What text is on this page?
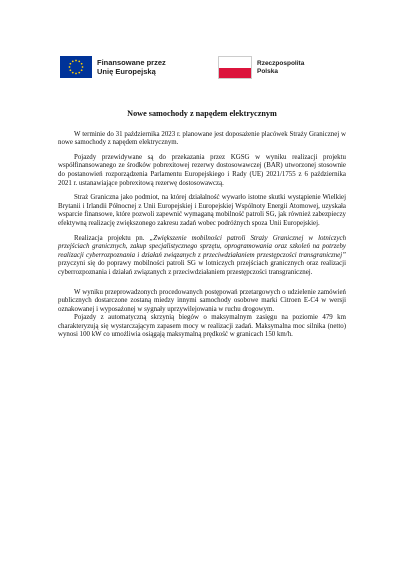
Finansowane przez
Unię Europejską
Rzeczpospolita
Polska
Nowe samochody z napędem elektrycznym

W terminie do 31 października 2023 r. planowane jest doposażenie placówek Straży Granicznej w nowe samochody z napędem elektrycznym.

Pojazdy przewidywane są do przekazania przez KGSG w wyniku realizacji projektu współfinansowanego ze środków pobrexitowej rezerwy dostosowawczej (BAR) utworzonej stosownie do postanowień rozporządzenia Parlamentu Europejskiego i Rady (UE) 2021/1755 z 6 października 2021 r. ustanawiające pobrexitową rezerwę dostosowawczą.

Straż Graniczna jako podmiot, na której działalność wywarło istotne skutki wystąpienie Wielkiej Brytanii i Irlandii Północnej z Unii Europejskiej i Europejskiej Wspólnoty Energii Atomowej, uzyskała wsparcie finansowe, które pozwoli zapewnić wymaganą mobilność patroli SG, jak również zabezpieczy efektywną realizację zwiększonego zakresu zadań wobec podróżnych spoza Unii Europejskiej.

Realizacja projektu pn. „Zwiększenie mobilności patroli Straży Granicznej w lotniczych przejściach granicznych, zakup specjalistycznego sprzętu, oprogramowania oraz szkoleń na potrzeby realizacji cyberrozpoznania i działań związanych z przeciwdziałaniem przestępczości transgranicznej” przyczyni się do poprawy mobilności patroli SG w lotniczych przejściach granicznych oraz realizacji cyberrozpoznania i działań związanych z przeciwdziałaniem przestępczości transgranicznej.

W wyniku przeprowadzonych procedowanych postępowań przetargowych o udzielenie zamówień publicznych dostarczone zostaną miedzy innymi samochody osobowe marki Citroen E-C4 w wersji oznakowanej i wyposażonej w sygnały uprzywilejowania w ruchu drogowym.

Pojazdy z automatyczną skrzynią biegów o maksymalnym zasięgu na poziomie 479 km charakteryzują się wystarczającym zapasem mocy w realizacji zadań. Maksymalna moc silnika (netto) wynosi 100 kW co umożliwia osiągają maksymalną prędkość w granicach 150 km/h.
